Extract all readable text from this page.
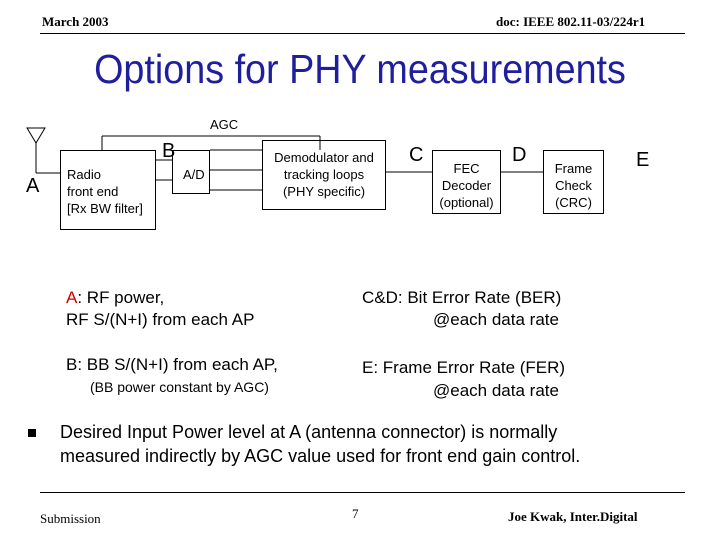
March 2003	doc: IEEE 802.11-03/224r1
Options for PHY measurements
AGC
A
Radio
front end
[Rx BW filter]
B
A/D
Demodulator and
tracking loops
(PHY specific)
C
FEC
Decoder
(optional)
D
Frame
Check
(CRC)
E
A: RF power,
RF S/(N+I) from each AP
B: BB S/(N+I) from each AP,
(BB power constant by AGC)
C&D: Bit Error Rate (BER)
@each data rate
E: Frame Error Rate (FER)
@each data rate
Desired Input Power level at A (antenna connector) is normally
measured indirectly by AGC value used for front end gain control.
Submission	7	Joe Kwak, Inter.Digital
